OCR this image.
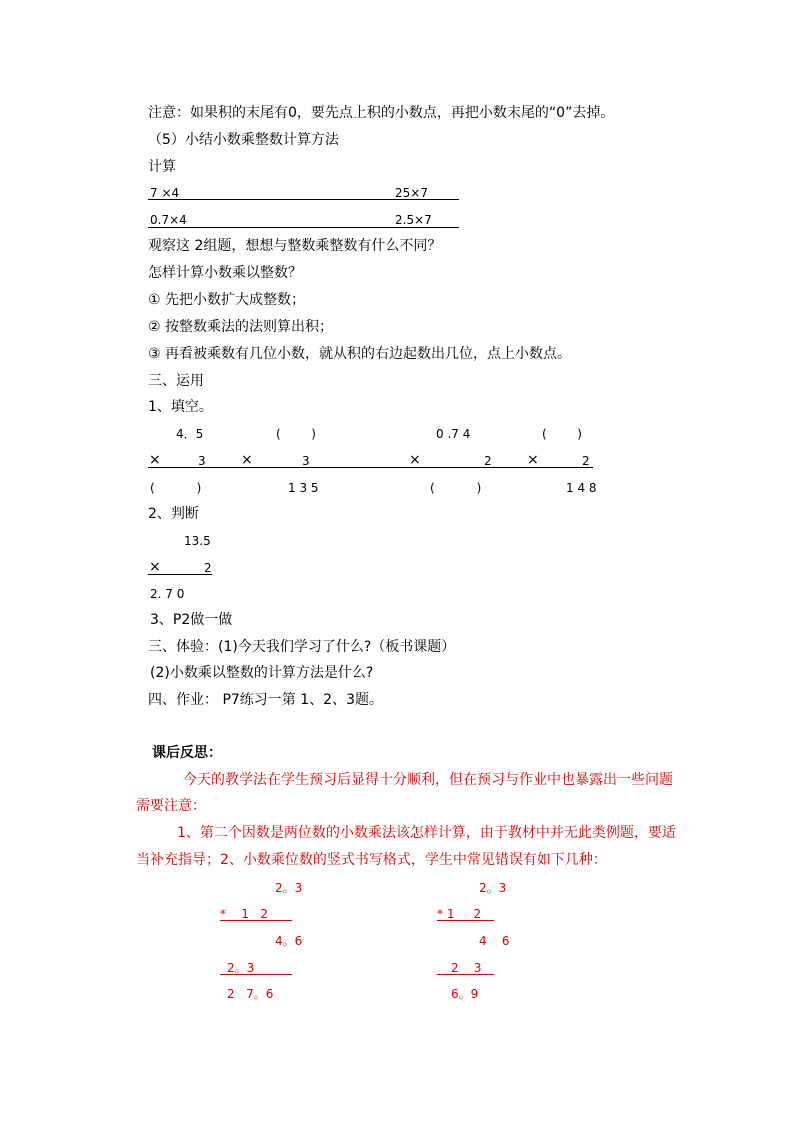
注意：如果积的末尾有0，要先点上积的小数点，再把小数末尾的“0”去掉。
（5）小结小数乘整数计算方法
计算
7 ×4	25×7
0.7×4	2.5×7
观察这 2组题，想想与整数乘整数有什么不同？
怎样计算小数乘以整数？
① 先把小数扩大成整数；
② 按整数乘法的法则算出积；
③ 再看被乘数有几位小数，就从积的右边起数出几位，点上小数点。
三、运用
1、填空。
4．5	(        )	0 .7 4	(        )
×	3	×	3	×	2	×	2
(           )	1 3 5	(           )	1 4 8
2、判断
13.5
×	2
2. 7 0
3、P2做一做
三、体验：(1)今天我们学习了什么?（板书课题）
(2)小数乘以整数的计算方法是什么?
四、作业： P7练习一第 1、2、3题。
课后反思：
今天的教学法在学生预习后显得十分顺利，但在预习与作业中也暴露出一些问题
需要注意：
1、第二个因数是两位数的小数乘法该怎样计算，由于教材中并无此类例题，要适
当补充指导；2、小数乘位数的竖式书写格式，学生中常见错误有如下几种：
2。3
*    1   2
4。6
2。3
2   7。6
2。3
* 1     2
4    6
2    3
6。9
